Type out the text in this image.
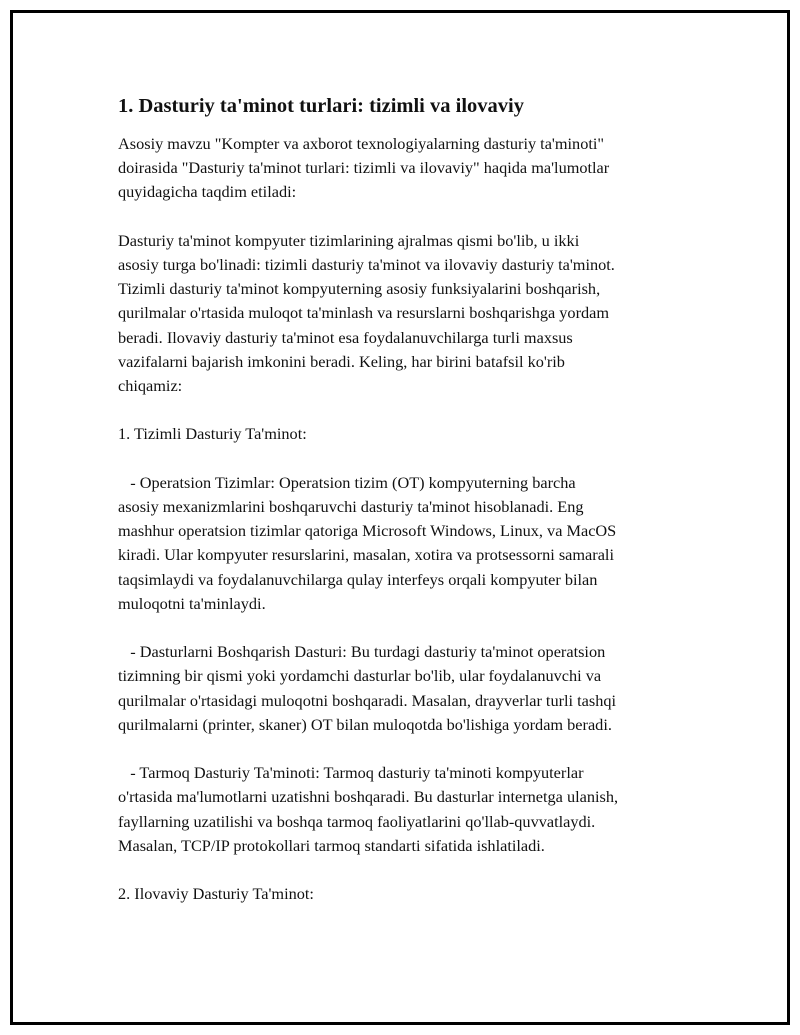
1. Dasturiy ta'minot turlari: tizimli va ilovaviy

Asosiy mavzu "Kompter va axborot texnologiyalarning dasturiy ta'minoti"
doirasida "Dasturiy ta'minot turlari: tizimli va ilovaviy" haqida ma'lumotlar
quyidagicha taqdim etiladi:

Dasturiy ta'minot kompyuter tizimlarining ajralmas qismi bo'lib, u ikki
asosiy turga bo'linadi: tizimli dasturiy ta'minot va ilovaviy dasturiy ta'minot.
Tizimli dasturiy ta'minot kompyuterning asosiy funksiyalarini boshqarish,
qurilmalar o'rtasida muloqot ta'minlash va resurslarni boshqarishga yordam
beradi. Ilovaviy dasturiy ta'minot esa foydalanuvchilarga turli maxsus
vazifalarni bajarish imkonini beradi. Keling, har birini batafsil ko'rib
chiqamiz:

1. Tizimli Dasturiy Ta'minot:

- Operatsion Tizimlar: Operatsion tizim (OT) kompyuterning barcha
asosiy mexanizmlarini boshqaruvchi dasturiy ta'minot hisoblanadi. Eng
mashhur operatsion tizimlar qatoriga Microsoft Windows, Linux, va MacOS
kiradi. Ular kompyuter resurslarini, masalan, xotira va protsessorni samarali
taqsimlaydi va foydalanuvchilarga qulay interfeys orqali kompyuter bilan
muloqotni ta'minlaydi.

- Dasturlarni Boshqarish Dasturi: Bu turdagi dasturiy ta'minot operatsion
tizimning bir qismi yoki yordamchi dasturlar bo'lib, ular foydalanuvchi va
qurilmalar o'rtasidagi muloqotni boshqaradi. Masalan, drayverlar turli tashqi
qurilmalarni (printer, skaner) OT bilan muloqotda bo'lishiga yordam beradi.

- Tarmoq Dasturiy Ta'minoti: Tarmoq dasturiy ta'minoti kompyuterlar
o'rtasida ma'lumotlarni uzatishni boshqaradi. Bu dasturlar internetga ulanish,
fayllarning uzatilishi va boshqa tarmoq faoliyatlarini qo'llab-quvvatlaydi.
Masalan, TCP/IP protokollari tarmoq standarti sifatida ishlatiladi.

2. Ilovaviy Dasturiy Ta'minot:
